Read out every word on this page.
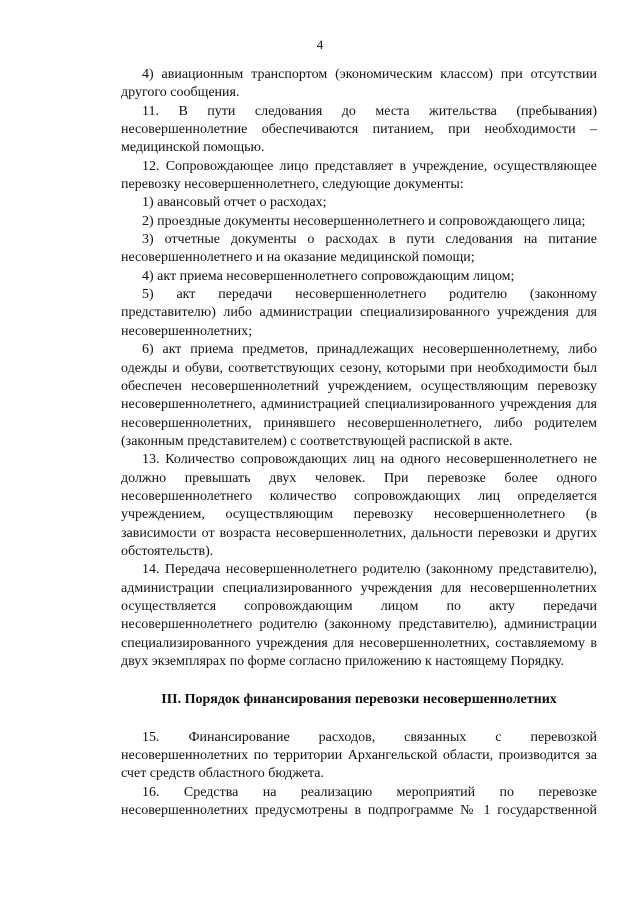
4

4) авиационным транспортом (экономическим классом) при отсутствии другого сообщения.

11. В пути следования до места жительства (пребывания) несовершеннолетние обеспечиваются питанием, при необходимости – медицинской помощью.

12. Сопровождающее лицо представляет в учреждение, осуществляющее перевозку несовершеннолетнего, следующие документы:

1) авансовый отчет о расходах;

2) проездные документы несовершеннолетнего и сопровождающего лица;

3) отчетные документы о расходах в пути следования на питание несовершеннолетнего и на оказание медицинской помощи;

4) акт приема несовершеннолетнего сопровождающим лицом;

5) акт передачи несовершеннолетнего родителю (законному представителю) либо администрации специализированного учреждения для несовершеннолетних;

6) акт приема предметов, принадлежащих несовершеннолетнему, либо одежды и обуви, соответствующих сезону, которыми при необходимости был обеспечен несовершеннолетний учреждением, осуществляющим перевозку несовершеннолетнего, администрацией специализированного учреждения для несовершеннолетних, принявшего несовершеннолетнего, либо родителем (законным представителем) с соответствующей распиской в акте.

13. Количество сопровождающих лиц на одного несовершеннолетнего не должно превышать двух человек. При перевозке более одного несовершеннолетнего количество сопровождающих лиц определяется учреждением, осуществляющим перевозку несовершеннолетнего (в зависимости от возраста несовершеннолетних, дальности перевозки и других обстоятельств).

14. Передача несовершеннолетнего родителю (законному представителю), администрации специализированного учреждения для несовершеннолетних осуществляется сопровождающим лицом по акту передачи несовершеннолетнего родителю (законному представителю), администрации специализированного учреждения для несовершеннолетних, составляемому в двух экземплярах по форме согласно приложению к настоящему Порядку.

III. Порядок финансирования перевозки несовершеннолетних

15. Финансирование расходов, связанных с перевозкой несовершеннолетних по территории Архангельской области, производится за счет средств областного бюджета.

16. Средства на реализацию мероприятий по перевозке несовершеннолетних предусмотрены в подпрограмме № 1 государственной
